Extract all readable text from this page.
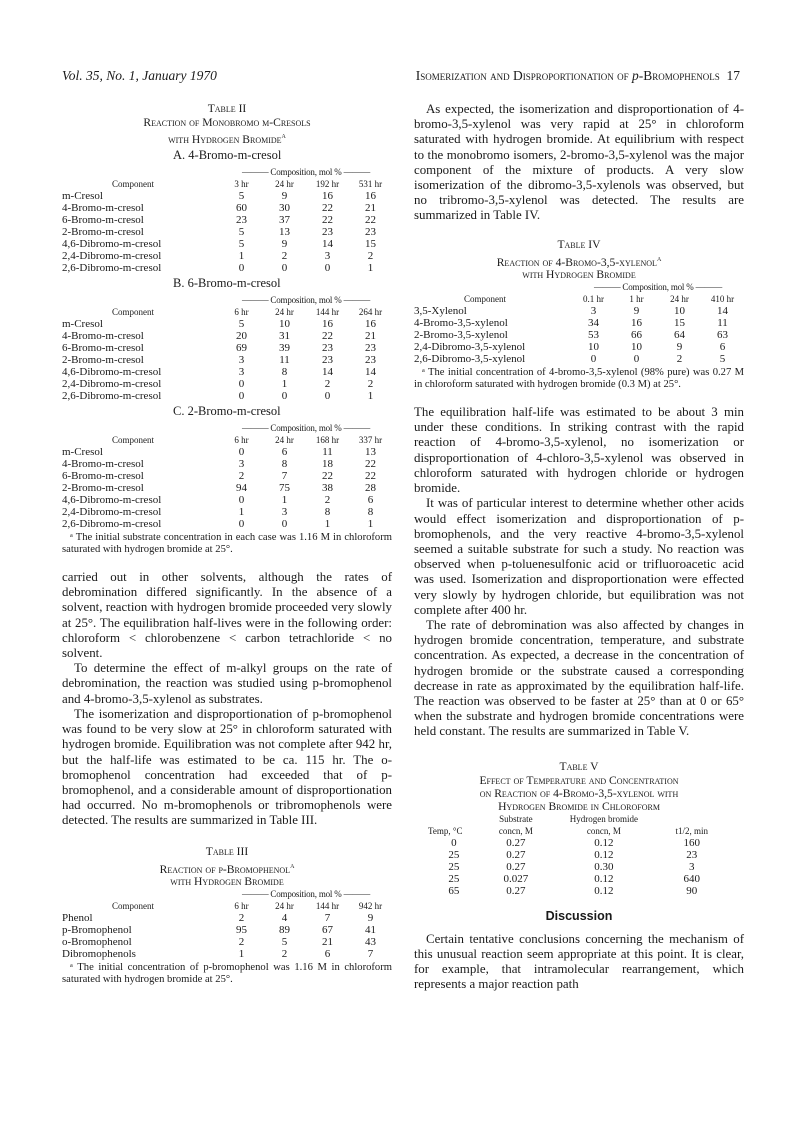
Vol. 35, No. 1, January 1970	Isomerization and Disproportionation of p-Bromophenols 17
Table II
Reaction of Monobromo m-Cresols
with Hydrogen Bromide$^a$
A. 4-Bromo-m-cresol
	——— Composition, mol % ———			
Component	3 hr	24 hr	192 hr	531 hr
m-Cresol	5	9	16	16
4-Bromo-m-cresol	60	30	22	21
6-Bromo-m-cresol	23	37	22	22
2-Bromo-m-cresol	5	13	23	23
4,6-Dibromo-m-cresol	5	9	14	15
2,4-Dibromo-m-cresol	1	2	3	2
2,6-Dibromo-m-cresol	0	0	0	1
B. 6-Bromo-m-cresol
	——— Composition, mol % ———			
Component	6 hr	24 hr	144 hr	264 hr
m-Cresol	5	10	16	16
4-Bromo-m-cresol	20	31	22	21
6-Bromo-m-cresol	69	39	23	23
2-Bromo-m-cresol	3	11	23	23
4,6-Dibromo-m-cresol	3	8	14	14
2,4-Dibromo-m-cresol	0	1	2	2
2,6-Dibromo-m-cresol	0	0	0	1
C. 2-Bromo-m-cresol
	——— Composition, mol % ———			
Component	6 hr	24 hr	168 hr	337 hr
m-Cresol	0	6	11	13
4-Bromo-m-cresol	3	8	18	22
6-Bromo-m-cresol	2	7	22	22
2-Bromo-m-cresol	94	75	38	28
4,6-Dibromo-m-cresol	0	1	2	6
2,4-Dibromo-m-cresol	1	3	8	8
2,6-Dibromo-m-cresol	0	0	1	1

ᵃ The initial substrate concentration in each case was 1.16 M in chloroform saturated with hydrogen bromide at 25°.

carried out in other solvents, although the rates of debromination differed significantly. In the absence of a solvent, reaction with hydrogen bromide proceeded very slowly at 25°. The equilibration half-lives were in the following order: chloroform < chlorobenzene < carbon tetrachloride < no solvent.

To determine the effect of m-alkyl groups on the rate of debromination, the reaction was studied using p-bromophenol and 4-bromo-3,5-xylenol as substrates.

The isomerization and disproportionation of p-bromophenol was found to be very slow at 25° in chloroform saturated with hydrogen bromide. Equilibration was not complete after 942 hr, but the half-life was estimated to be ca. 115 hr. The o-bromophenol concentration had exceeded that of p-bromophenol, and a considerable amount of disproportionation had occurred. No m-bromophenols or tribromophenols were detected. The results are summarized in Table III.

Table III
Reaction of p-Bromophenol$^a$
with Hydrogen Bromide
	——— Composition, mol % ———			
Component	6 hr	24 hr	144 hr	942 hr
Phenol	2	4	7	9
p-Bromophenol	95	89	67	41
o-Bromophenol	2	5	21	43
Dibromophenols	1	2	6	7

ᵃ The initial concentration of p-bromophenol was 1.16 M in chloroform saturated with hydrogen bromide at 25°.

As expected, the isomerization and disproportionation of 4-bromo-3,5-xylenol was very rapid at 25° in chloroform saturated with hydrogen bromide. At equilibrium with respect to the monobromo isomers, 2-bromo-3,5-xylenol was the major component of the mixture of products. A very slow isomerization of the dibromo-3,5-xylenols was observed, but no tribromo-3,5-xylenol was detected. The results are summarized in Table IV.

Table IV
Reaction of 4-Bromo-3,5-xylenol$^a$
with Hydrogen Bromide
	——— Composition, mol % ———			
Component	0.1 hr	1 hr	24 hr	410 hr
3,5-Xylenol	3	9	10	14
4-Bromo-3,5-xylenol	34	16	15	11
2-Bromo-3,5-xylenol	53	66	64	63
2,4-Dibromo-3,5-xylenol	10	10	9	6
2,6-Dibromo-3,5-xylenol	0	0	2	5

ᵃ The initial concentration of 4-bromo-3,5-xylenol (98% pure) was 0.27 M in chloroform saturated with hydrogen bromide (0.3 M) at 25°.

The equilibration half-life was estimated to be about 3 min under these conditions. In striking contrast with the rapid reaction of 4-bromo-3,5-xylenol, no isomerization or disproportionation of 4-chloro-3,5-xylenol was observed in chloroform saturated with hydrogen chloride or hydrogen bromide.

It was of particular interest to determine whether other acids would effect isomerization and disproportionation of p-bromophenols, and the very reactive 4-bromo-3,5-xylenol seemed a suitable substrate for such a study. No reaction was observed when p-toluenesulfonic acid or trifluoroacetic acid was used. Isomerization and disproportionation were effected very slowly by hydrogen chloride, but equilibration was not complete after 400 hr.

The rate of debromination was also affected by changes in hydrogen bromide concentration, temperature, and substrate concentration. As expected, a decrease in the concentration of hydrogen bromide or the substrate caused a corresponding decrease in rate as approximated by the equilibration half-life. The reaction was observed to be faster at 25° than at 0 or 65° when the substrate and hydrogen bromide concentrations were held constant. The results are summarized in Table V.

Table V
Effect of Temperature and Concentration
on Reaction of 4-Bromo-3,5-xylenol with
Hydrogen Bromide in Chloroform
	Substrate	Hydrogen bromide	
Temp, °C	concn, M	concn, M	t1/2, min
0	0.27	0.12	160
25	0.27	0.12	23
25	0.27	0.30	3
25	0.027	0.12	640
65	0.27	0.12	90
Discussion

Certain tentative conclusions concerning the mechanism of this unusual reaction seem appropriate at this point. It is clear, for example, that intramolecular rearrangement, which represents a major reaction path
